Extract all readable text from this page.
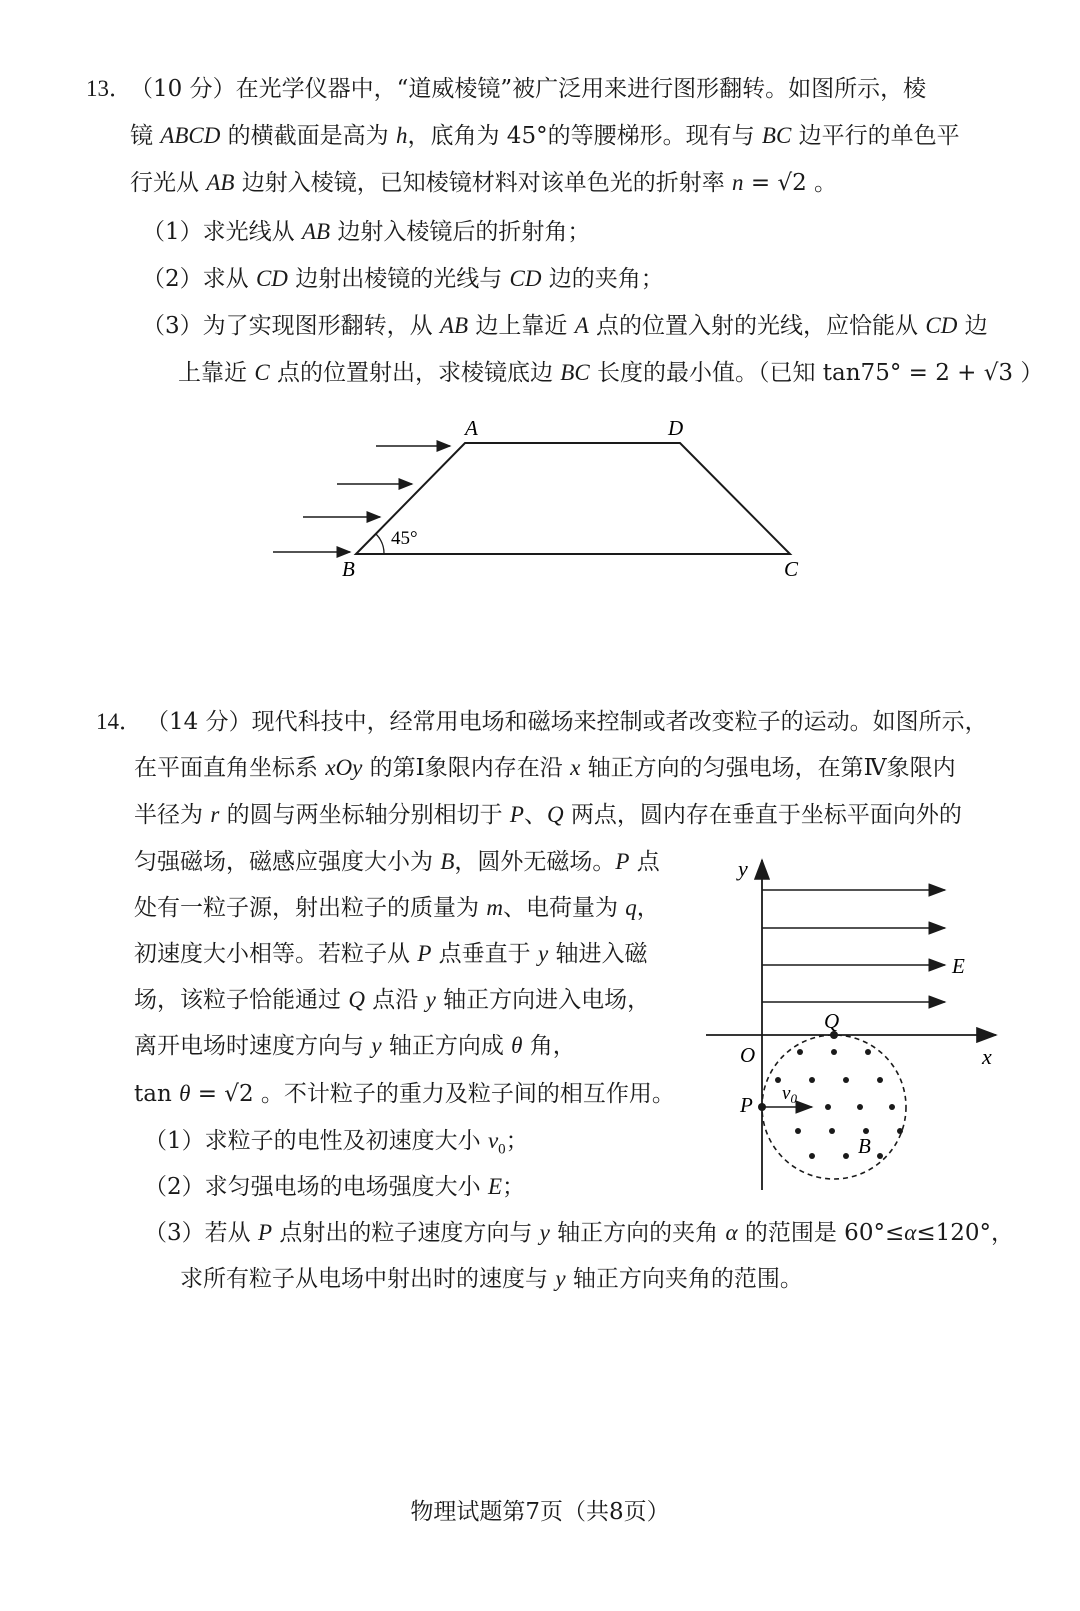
13．
（10 分）在光学仪器中，“道威棱镜”被广泛用来进行图形翻转。如图所示，棱
镜 ABCD 的横截面是高为 h，底角为 45°的等腰梯形。现有与 BC 边平行的单色平
行光从 AB 边射入棱镜，已知棱镜材料对该单色光的折射率 n = √2 。
（1）求光线从 AB 边射入棱镜后的折射角；
（2）求从 CD 边射出棱镜的光线与 CD 边的夹角；
（3）为了实现图形翻转，从 AB 边上靠近 A 点的位置入射的光线，应恰能从 CD 边
上靠近 C 点的位置射出，求棱镜底边 BC 长度的最小值。（已知 tan75° = 2 + √3 ）
45°
A	D
B	C
14． （14 分）现代科技中，经常用电场和磁场来控制或者改变粒子的运动。如图所示，
在平面直角坐标系 xOy 的第Ⅰ象限内存在沿 x 轴正方向的匀强电场，在第Ⅳ象限内
半径为 r 的圆与两坐标轴分别相切于 P、Q 两点，圆内存在垂直于坐标平面向外的
匀强磁场，磁感应强度大小为 B，圆外无磁场。P 点
处有一粒子源，射出粒子的质量为 m、电荷量为 q，
初速度大小相等。若粒子从 P 点垂直于 y 轴进入磁
场，该粒子恰能通过 Q 点沿 y 轴正方向进入电场，
离开电场时速度方向与 y 轴正方向成 θ 角，
tan θ = √2 。不计粒子的重力及粒子间的相互作用。
（1）求粒子的电性及初速度大小 $v_0$；
（2）求匀强电场的电场强度大小 E；
（3）若从 P 点射出的粒子速度方向与 y 轴正方向的夹角 α 的范围是 60°≤α≤120°，
求所有粒子从电场中射出时的速度与 y 轴正方向夹角的范围。
y
x
O
Q
P
E
B
$v_0$
物理试题第7页（共8页）
